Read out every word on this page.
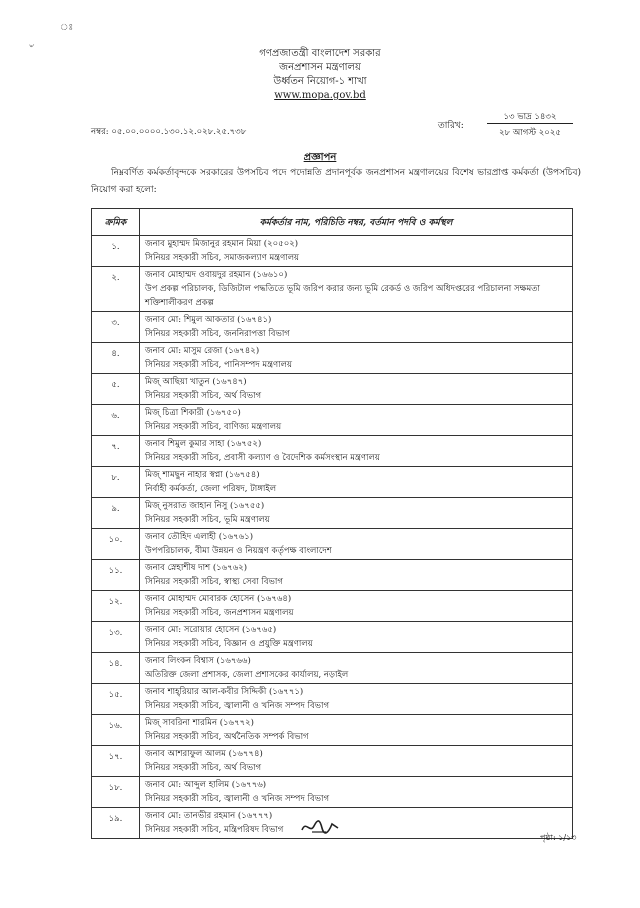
ঃ
৺	গণপ্রজাতন্ত্রী বাংলাদেশ সরকার
জনপ্রশাসন মন্ত্রণালয়
উর্ধ্বতন নিয়োগ-১ শাখা
www.mopa.gov.bd
নম্বর: ০৫.০০.০০০০.১৩০.১২.০২৮.২৫.৭৩৮
তারিখ:
১৩ ভাদ্র ১৪৩২
২৮ আগস্ট ২০২৫
প্রজ্ঞাপন
নিম্নবর্ণিত কর্মকর্তাবৃন্দকে সরকারের উপসচিব পদে পদোন্নতি প্রদানপূর্বক জনপ্রশাসন মন্ত্রণালয়ের বিশেষ ভারপ্রাপ্ত কর্মকর্তা (উপসচিব) নিয়োগ করা হলো:
ক্রমিক	কর্মকর্তার নাম, পরিচিতি নম্বর, বর্তমান পদবি ও কর্মস্থল
১.	জনাব মুহাম্মদ মিজানুর রহমান মিয়া (২০৫০২)
সিনিয়র সহকারী সচিব, সমাজকল্যাণ মন্ত্রণালয়

২.	জনাব মোহাম্মদ ওবায়দুর রহমান (১৬৬১০)
উপ প্রকল্প পরিচালক, ডিজিটাল পদ্ধতিতে ভূমি জরিপ করার জন্য ভূমি রেকর্ড ও জরিপ অধিদপ্তরের পরিচালনা সক্ষমতা শক্তিশালীকরণ প্রকল্প

৩.	জনাব মো: শিমুল আকতার (১৬৭৪১)
সিনিয়র সহকারী সচিব, জননিরাপত্তা বিভাগ

৪.	জনাব মো: মাসুম রেজা (১৬৭৪২)
সিনিয়র সহকারী সচিব, পানিসম্পদ মন্ত্রণালয়

৫.	মিজ্ আছিয়া খাতুন (১৬৭৪৭)
সিনিয়র সহকারী সচিব, অর্থ বিভাগ

৬.	মিজ্ চিত্রা শিকারী (১৬৭৫০)
সিনিয়র সহকারী সচিব, বাণিজ্য মন্ত্রণালয়

৭.	জনাব শিমুল কুমার সাহা (১৬৭৫২)
সিনিয়র সহকারী সচিব, প্রবাসী কল্যাণ ও বৈদেশিক কর্মসংস্থান মন্ত্রণালয়

৮.	মিজ্ শামছুন নাহার স্বপ্না (১৬৭৫৪)
নির্বাহী কর্মকর্তা, জেলা পরিষদ, টাঙ্গাইল

৯.	মিজ্ নুসরাত জাহান নিসু (১৬৭৫৫)
সিনিয়র সহকারী সচিব, ভূমি মন্ত্রণালয়

১০.	জনাব তৌহিদ এলাহী (১৬৭৬১)
উপপরিচালক, বীমা উন্নয়ন ও নিয়ন্ত্রণ কর্তৃপক্ষ বাংলাদেশ

১১.	জনাব স্নেহাশীষ দাশ (১৬৭৬২)
সিনিয়র সহকারী সচিব, স্বাস্থ্য সেবা বিভাগ

১২.	জনাব মোহাম্মদ মোবারক হোসেন (১৬৭৬৪)
সিনিয়র সহকারী সচিব, জনপ্রশাসন মন্ত্রণালয়

১৩.	জনাব মো: সরোয়ার হোসেন (১৬৭৬৫)
সিনিয়র সহকারী সচিব, বিজ্ঞান ও প্রযুক্তি মন্ত্রণালয়

১৪.	জনাব লিংকন বিশ্বাস (১৬৭৬৬)
অতিরিক্ত জেলা প্রশাসক, জেলা প্রশাসকের কার্যালয়, নড়াইল

১৫.	জনাব শাহ্‌রিয়ার আল-কবীর সিদ্দিকী (১৬৭৭১)
সিনিয়র সহকারী সচিব, জ্বালানী ও খনিজ সম্পদ বিভাগ

১৬.	মিজ্ সাবরিনা শারমিন (১৬৭৭২)
সিনিয়র সহকারী সচিব, অর্থনৈতিক সম্পর্ক বিভাগ

১৭.	জনাব আশরাফুল আলম (১৬৭৭৪)
সিনিয়র সহকারী সচিব, অর্থ বিভাগ

১৮.	জনাব মো: আব্দুল হালিম (১৬৭৭৬)
সিনিয়র সহকারী সচিব, জ্বালানী ও খনিজ সম্পদ বিভাগ

১৯.	জনাব মো: তানভীর রহমান (১৬৭৭৭)
সিনিয়র সহকারী সচিব, মন্ত্রিপরিষদ বিভাগ
পৃষ্ঠা: ১/১৩
